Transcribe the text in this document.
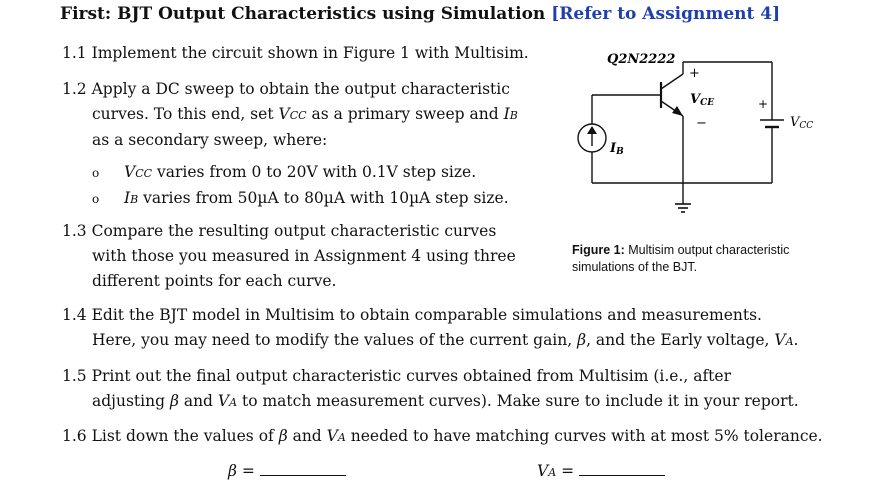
First: BJT Output Characteristics using Simulation [Refer to Assignment 4]
1.1 Implement the circuit shown in Figure 1 with Multisim.
1.2 Apply a DC sweep to obtain the output characteristic
curves. To this end, set VCC as a primary sweep and IB
as a secondary sweep, where:
o VCC varies from 0 to 20V with 0.1V step size.
o IB varies from 50µA to 80µA with 10µA step size.
1.3 Compare the resulting output characteristic curves
with those you measured in Assignment 4 using three
different points for each curve.
1.4 Edit the BJT model in Multisim to obtain comparable simulations and measurements.
Here, you may need to modify the values of the current gain, β, and the Early voltage, VA.
1.5 Print out the final output characteristic curves obtained from Multisim (i.e., after
adjusting β and VA to match measurement curves). Make sure to include it in your report.
1.6 List down the values of β and VA needed to have matching curves with at most 5% tolerance.
β =	VA =
Q2N2222
+
VCE
−
+
VCC
IB
Figure 1: Multisim output characteristic
simulations of the BJT.
